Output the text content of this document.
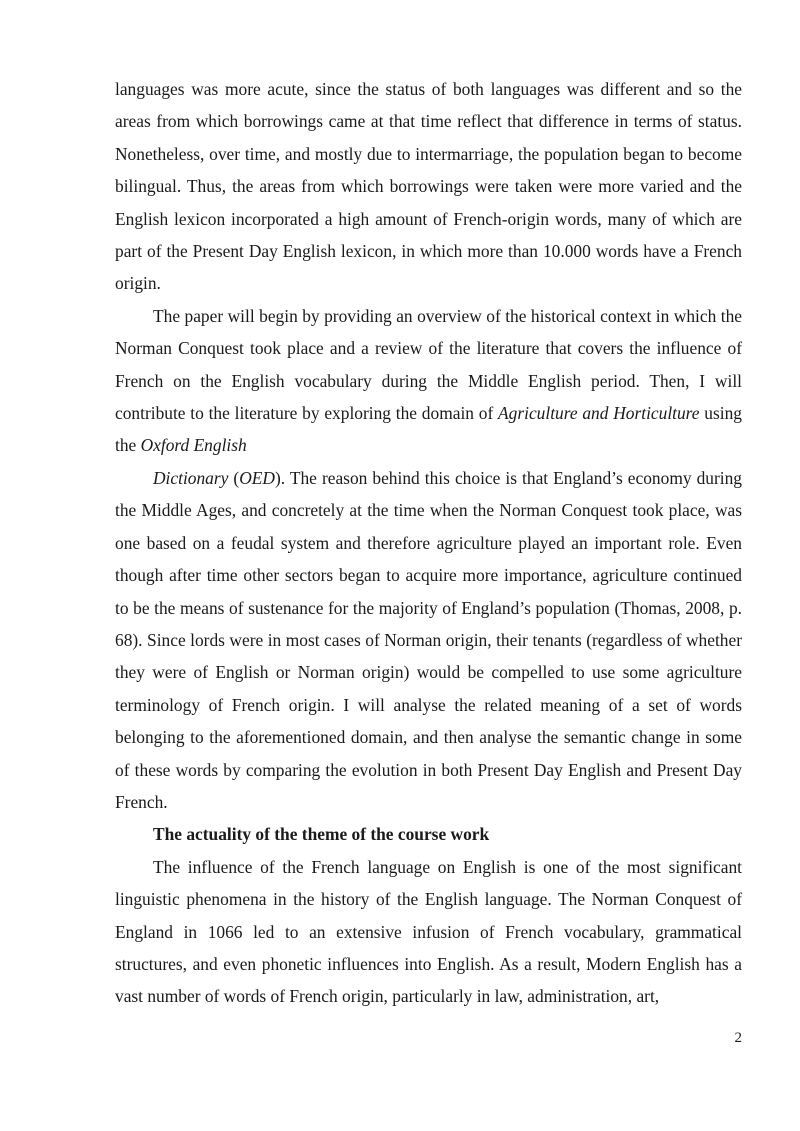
languages was more acute, since the status of both languages was different and so the areas from which borrowings came at that time reflect that difference in terms of status. Nonetheless, over time, and mostly due to intermarriage, the population began to become bilingual. Thus, the areas from which borrowings were taken were more varied and the English lexicon incorporated a high amount of French-origin words, many of which are part of the Present Day English lexicon, in which more than 10.000 words have a French origin.

The paper will begin by providing an overview of the historical context in which the Norman Conquest took place and a review of the literature that covers the influence of French on the English vocabulary during the Middle English period. Then, I will contribute to the literature by exploring the domain of Agriculture and Horticulture using the Oxford English

Dictionary (OED). The reason behind this choice is that England’s economy during the Middle Ages, and concretely at the time when the Norman Conquest took place, was one based on a feudal system and therefore agriculture played an important role. Even though after time other sectors began to acquire more importance, agriculture continued to be the means of sustenance for the majority of England’s population (Thomas, 2008, p. 68). Since lords were in most cases of Norman origin, their tenants (regardless of whether they were of English or Norman origin) would be compelled to use some agriculture terminology of French origin. I will analyse the related meaning of a set of words belonging to the aforementioned domain, and then analyse the semantic change in some of these words by comparing the evolution in both Present Day English and Present Day French.

The actuality of the theme of the course work

The influence of the French language on English is one of the most significant linguistic phenomena in the history of the English language. The Norman Conquest of England in 1066 led to an extensive infusion of French vocabulary, grammatical structures, and even phonetic influences into English. As a result, Modern English has a vast number of words of French origin, particularly in law, administration, art,

2
